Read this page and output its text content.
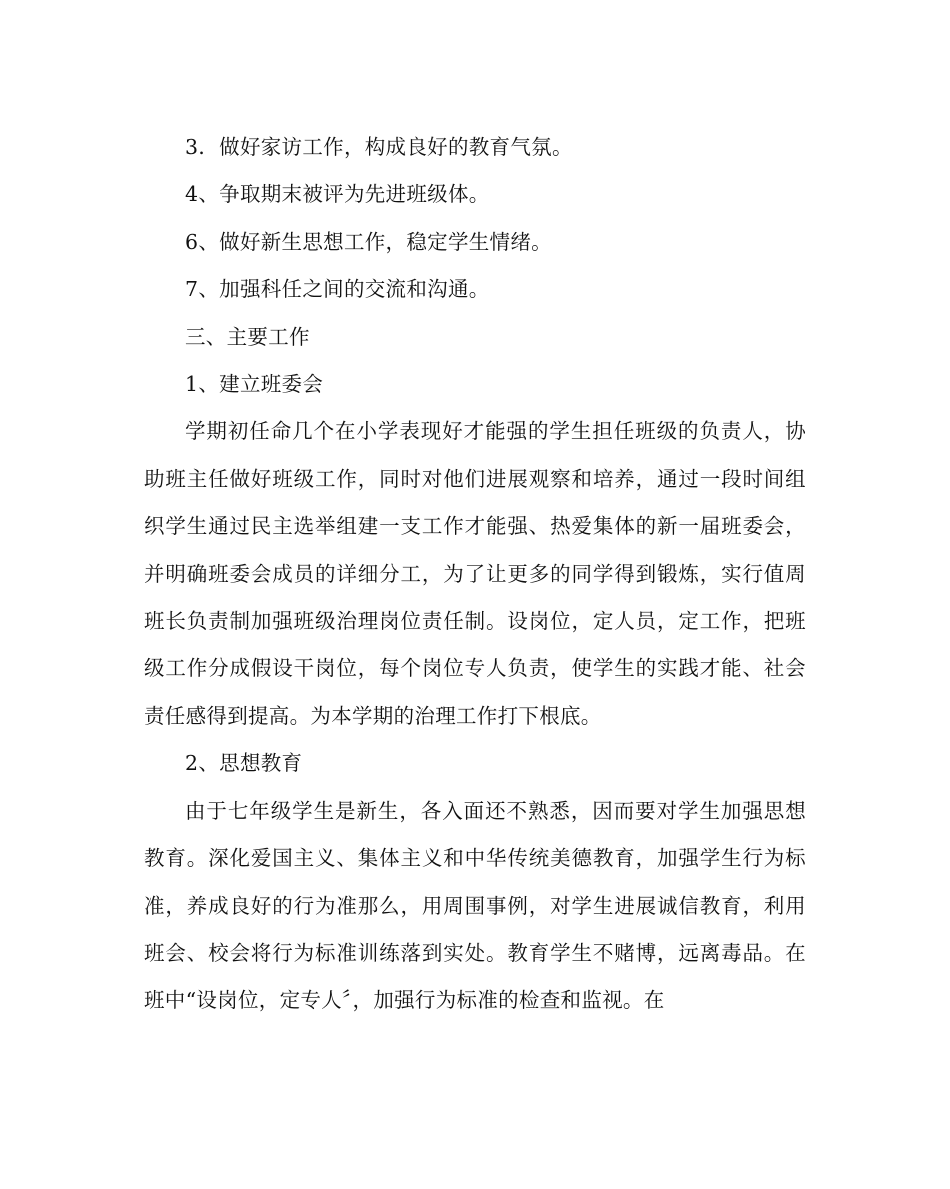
3．做好家访工作，构成良好的教育气氛。

4、争取期末被评为先进班级体。

6、做好新生思想工作，稳定学生情绪。

7、加强科任之间的交流和沟通。

三、主要工作

1、建立班委会

学期初任命几个在小学表现好才能强的学生担任班级的负责人，协助班主任做好班级工作，同时对他们进展观察和培养，通过一段时间组织学生通过民主选举组建一支工作才能强、热爱集体的新一届班委会，并明确班委会成员的详细分工，为了让更多的同学得到锻炼，实行值周班长负责制加强班级治理岗位责任制。设岗位，定人员，定工作，把班级工作分成假设干岗位，每个岗位专人负责，使学生的实践才能、社会责任感得到提高。为本学期的治理工作打下根底。

2、思想教育

由于七年级学生是新生，各入面还不熟悉，因而要对学生加强思想教育。深化爱国主义、集体主义和中华传统美德教育，加强学生行为标准，养成良好的行为准那么，用周围事例，对学生进展诚信教育，利用班会、校会将行为标准训练落到实处。教育学生不赌博，远离毒品。在班中“设岗位，定专人〞，加强行为标准的检查和监视。在
